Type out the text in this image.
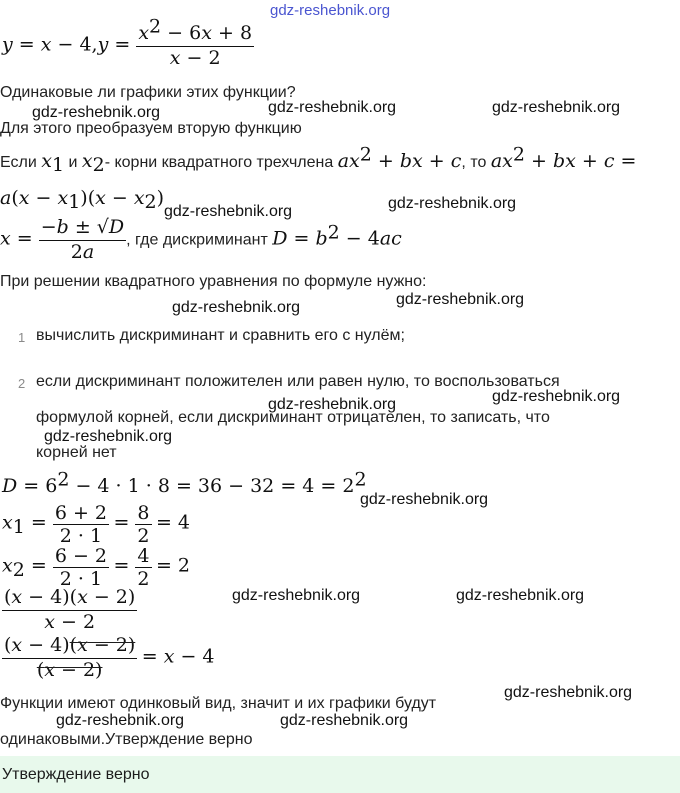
gdz-reshebnik.org
$y = x - 4,y = \frac{x^2 - 6x + 8}{x - 2}$
Одинаковые ли графики этих функции?
gdz-reshebnik.org	gdz-reshebnik.org	gdz-reshebnik.org
Для этого преобразуем вторую функцию
Если $x_1$ и $x_2-$ корни квадратного трехчлена $ax^2$ + bx + c, то $ax^2$ + bx + c =
$a(x - x_1)(x - x_2)$
gdz-reshebnik.org	gdz-reshebnik.org
$x = \frac{-b \pm √D}{2a}$ , где дискриминант $D = b^2 - 4ac$
При решении квадратного уравнения по формуле нужно:
gdz-reshebnik.org
gdz-reshebnik.org
1 вычислить дискриминант и сравнить его с нулём;
2 если дискриминант положителен или равен нулю, то воспользоваться
gdz-reshebnik.org
gdz-reshebnik.org
формулой корней, если дискриминант отрицателен, то записать, что
gdz-reshebnik.org
корней нет
$D = 6^2 - 4 \cdot 1 \cdot 8 = 36 - 32 = 4 = 2^2$
gdz-reshebnik.org
$x_1 = \frac{6 + 2}{2 \cdot 1} = \frac{8}{2} = 4$
$x_2 = \frac{6 - 2}{2 \cdot 1} = \frac{4}{2} = 2$
$\frac{(x - 4)(x - 2)}{x - 2}$	gdz-reshebnik.org	gdz-reshebnik.org
$\frac{(x - 4)(x - 2)}{(x - 2)} = x - 4$
Функции имеют одинковый вид, значит и их графики будут
gdz-reshebnik.org
gdz-reshebnik.org	gdz-reshebnik.org
одинаковыми.Утверждение верно
Утверждение верно
